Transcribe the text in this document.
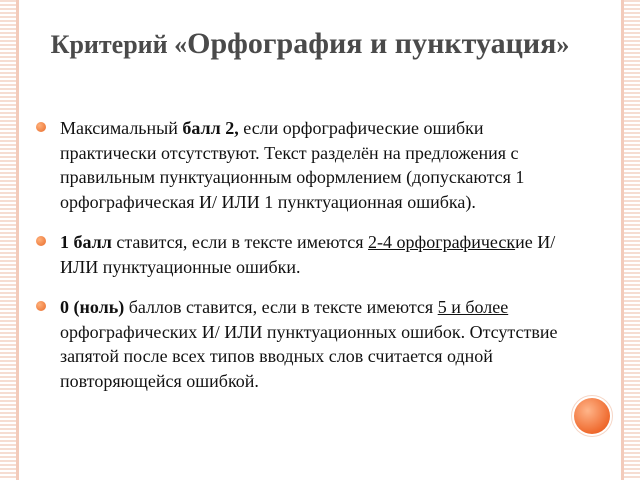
Критерий «Орфография и пунктуация»
Максимальный балл 2, если орфографические ошибки практически отсутствуют. Текст разделён на предложения с правильным пунктуационным оформлением (допускаются 1 орфографическая И/ ИЛИ 1 пунктуационная ошибка).
1 балл ставится, если в тексте имеются 2-4 орфографические И/ ИЛИ пунктуационные ошибки.
0 (ноль) баллов ставится, если в тексте имеются 5 и более орфографических И/ ИЛИ пунктуационных ошибок. Отсутствие запятой после всех типов вводных слов считается одной повторяющейся ошибкой.
